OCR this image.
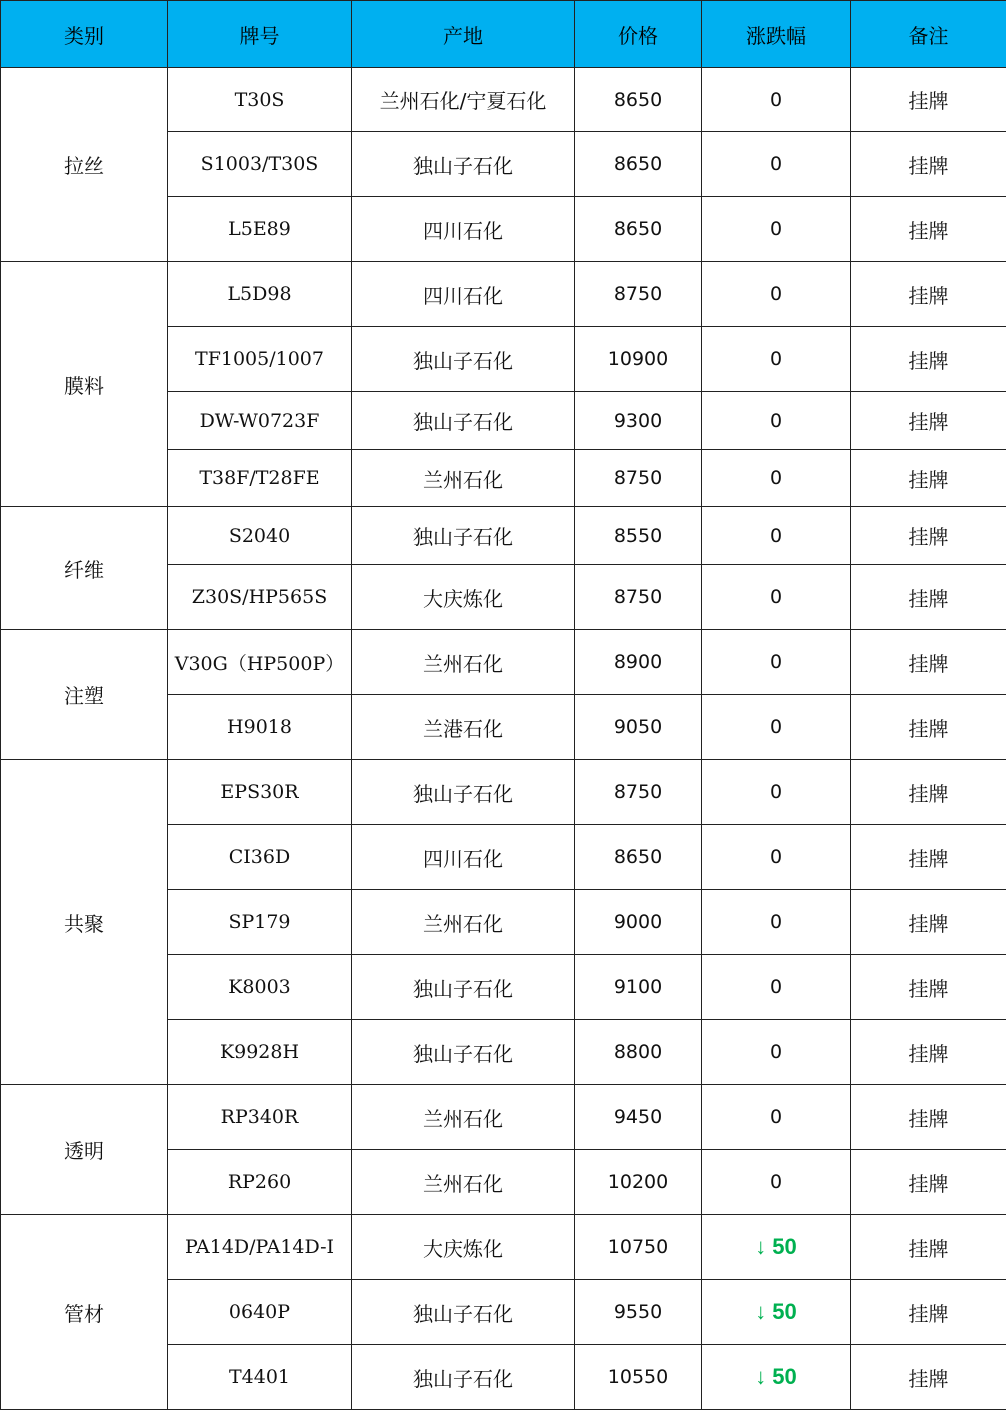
类别	牌号	产地	价格	涨跌幅	备注
拉丝	T30S	兰州石化/宁夏石化	8650	0	挂牌
	S1003/T30S	独山子石化	8650	0	挂牌
	L5E89	四川石化	8650	0	挂牌
膜料	L5D98	四川石化	8750	0	挂牌
	TF1005/1007	独山子石化	10900	0	挂牌
	DW-W0723F	独山子石化	9300	0	挂牌
	T38F/T28FE	兰州石化	8750	0	挂牌
纤维	S2040	独山子石化	8550	0	挂牌
	Z30S/HP565S	大庆炼化	8750	0	挂牌
注塑	V30G（HP500P）	兰州石化	8900	0	挂牌
	H9018	兰港石化	9050	0	挂牌
共聚	EPS30R	独山子石化	8750	0	挂牌
	CI36D	四川石化	8650	0	挂牌
	SP179	兰州石化	9000	0	挂牌
	K8003	独山子石化	9100	0	挂牌
	K9928H	独山子石化	8800	0	挂牌
透明	RP340R	兰州石化	9450	0	挂牌
	RP260	兰州石化	10200	0	挂牌
管材	PA14D/PA14D-I	大庆炼化	10750	↓ 50	挂牌
	0640P	独山子石化	9550	↓ 50	挂牌
	T4401	独山子石化	10550	↓ 50	挂牌
